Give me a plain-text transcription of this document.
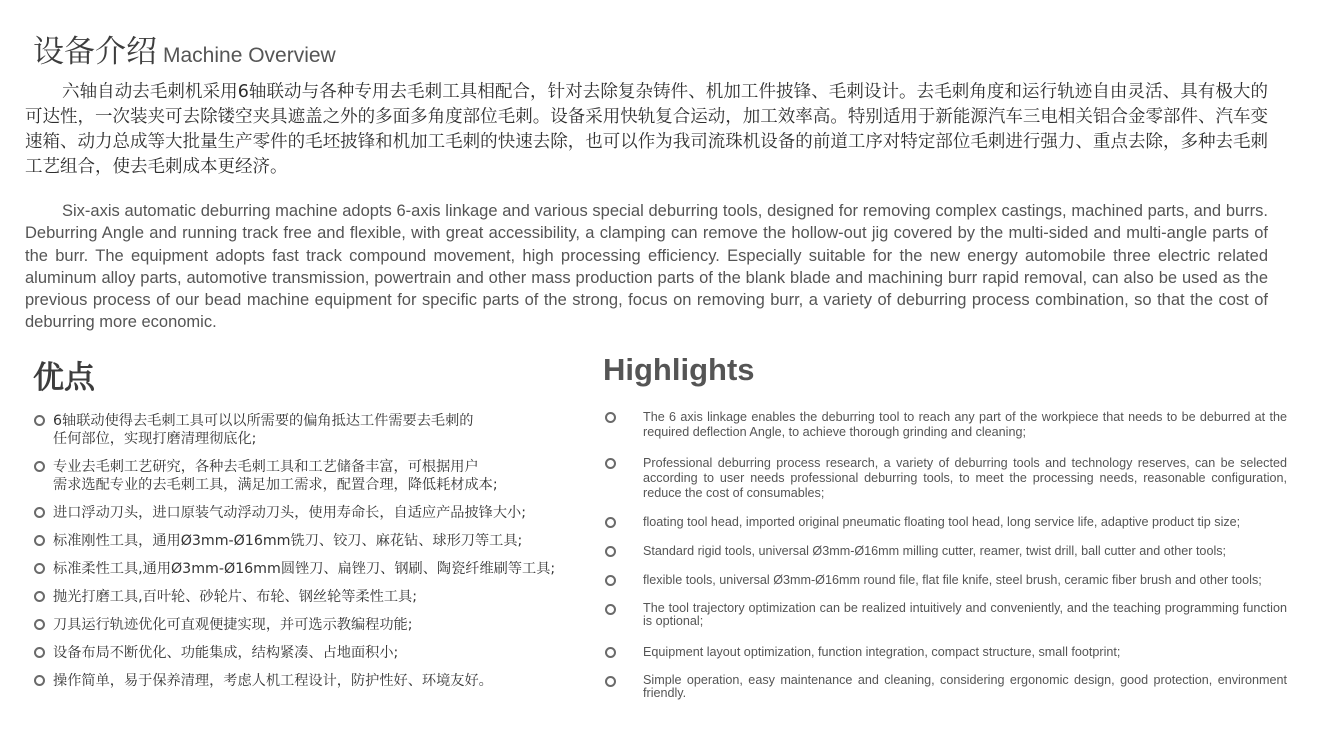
设备介绍 Machine Overview

六轴自动去毛刺机采用6轴联动与各种专用去毛刺工具相配合，针对去除复杂铸件、机加工件披锋、毛刺设计。去毛刺角度和运行轨迹自由灵活、具有极大的可达性，一次装夹可去除镂空夹具遮盖之外的多面多角度部位毛刺。设备采用快轨复合运动，加工效率高。特别适用于新能源汽车三电相关铝合金零部件、汽车变速箱、动力总成等大批量生产零件的毛坯披锋和机加工毛刺的快速去除，也可以作为我司流珠机设备的前道工序对特定部位毛刺进行强力、重点去除，多种去毛刺工艺组合，使去毛刺成本更经济。

Six-axis automatic deburring machine adopts 6-axis linkage and various special deburring tools, designed for removing complex castings, machined parts, and burrs. Deburring Angle and running track free and flexible, with great accessibility, a clamping can remove the hollow-out jig covered by the multi-sided and multi-angle parts of the burr. The equipment adopts fast track compound movement, high processing efficiency. Especially suitable for the new energy automobile three electric related aluminum alloy parts, automotive transmission, powertrain and other mass production parts of the blank blade and machining burr rapid removal, can also be used as the previous process of our bead machine equipment for specific parts of the strong, focus on removing burr, a variety of deburring process combination, so that the cost of deburring more economic.

优点	Highlights
6轴联动使得去毛刺工具可以以所需要的偏角抵达工件需要去毛刺的
任何部位，实现打磨清理彻底化;
专业去毛刺工艺研究，各种去毛刺工具和工艺储备丰富，可根据用户
需求选配专业的去毛刺工具，满足加工需求，配置合理，降低耗材成本;
进口浮动刀头，进口原装气动浮动刀头，使用寿命长，自适应产品披锋大小;
标准刚性工具，通用Ø3mm-Ø16mm铣刀、铰刀、麻花钻、球形刀等工具;
标准柔性工具,通用Ø3mm-Ø16mm圆锉刀、扁锉刀、钢刷、陶瓷纤维刷等工具;
抛光打磨工具,百叶轮、砂轮片、布轮、钢丝轮等柔性工具;
刀具运行轨迹优化可直观便捷实现，并可选示教编程功能;
设备布局不断优化、功能集成，结构紧凑、占地面积小;
操作简单，易于保养清理，考虑人机工程设计，防护性好、环境友好。
The 6 axis linkage enables the deburring tool to reach any part of the workpiece that needs to be deburred at the required deflection Angle, to achieve thorough grinding and cleaning;
Professional deburring process research, a variety of deburring tools and technology reserves, can be selected according to user needs professional deburring tools, to meet the processing needs, reasonable configuration, reduce the cost of consumables;
floating tool head, imported original pneumatic floating tool head, long service life, adaptive product tip size;
Standard rigid tools, universal Ø3mm-Ø16mm milling cutter, reamer, twist drill, ball cutter and other tools;
flexible tools, universal Ø3mm-Ø16mm round file, flat file knife, steel brush, ceramic fiber brush and other tools;
The tool trajectory optimization can be realized intuitively and conveniently, and the teaching programming function is optional;
Equipment layout optimization, function integration, compact structure, small footprint;
Simple operation, easy maintenance and cleaning, considering ergonomic design, good protection, environment friendly.
